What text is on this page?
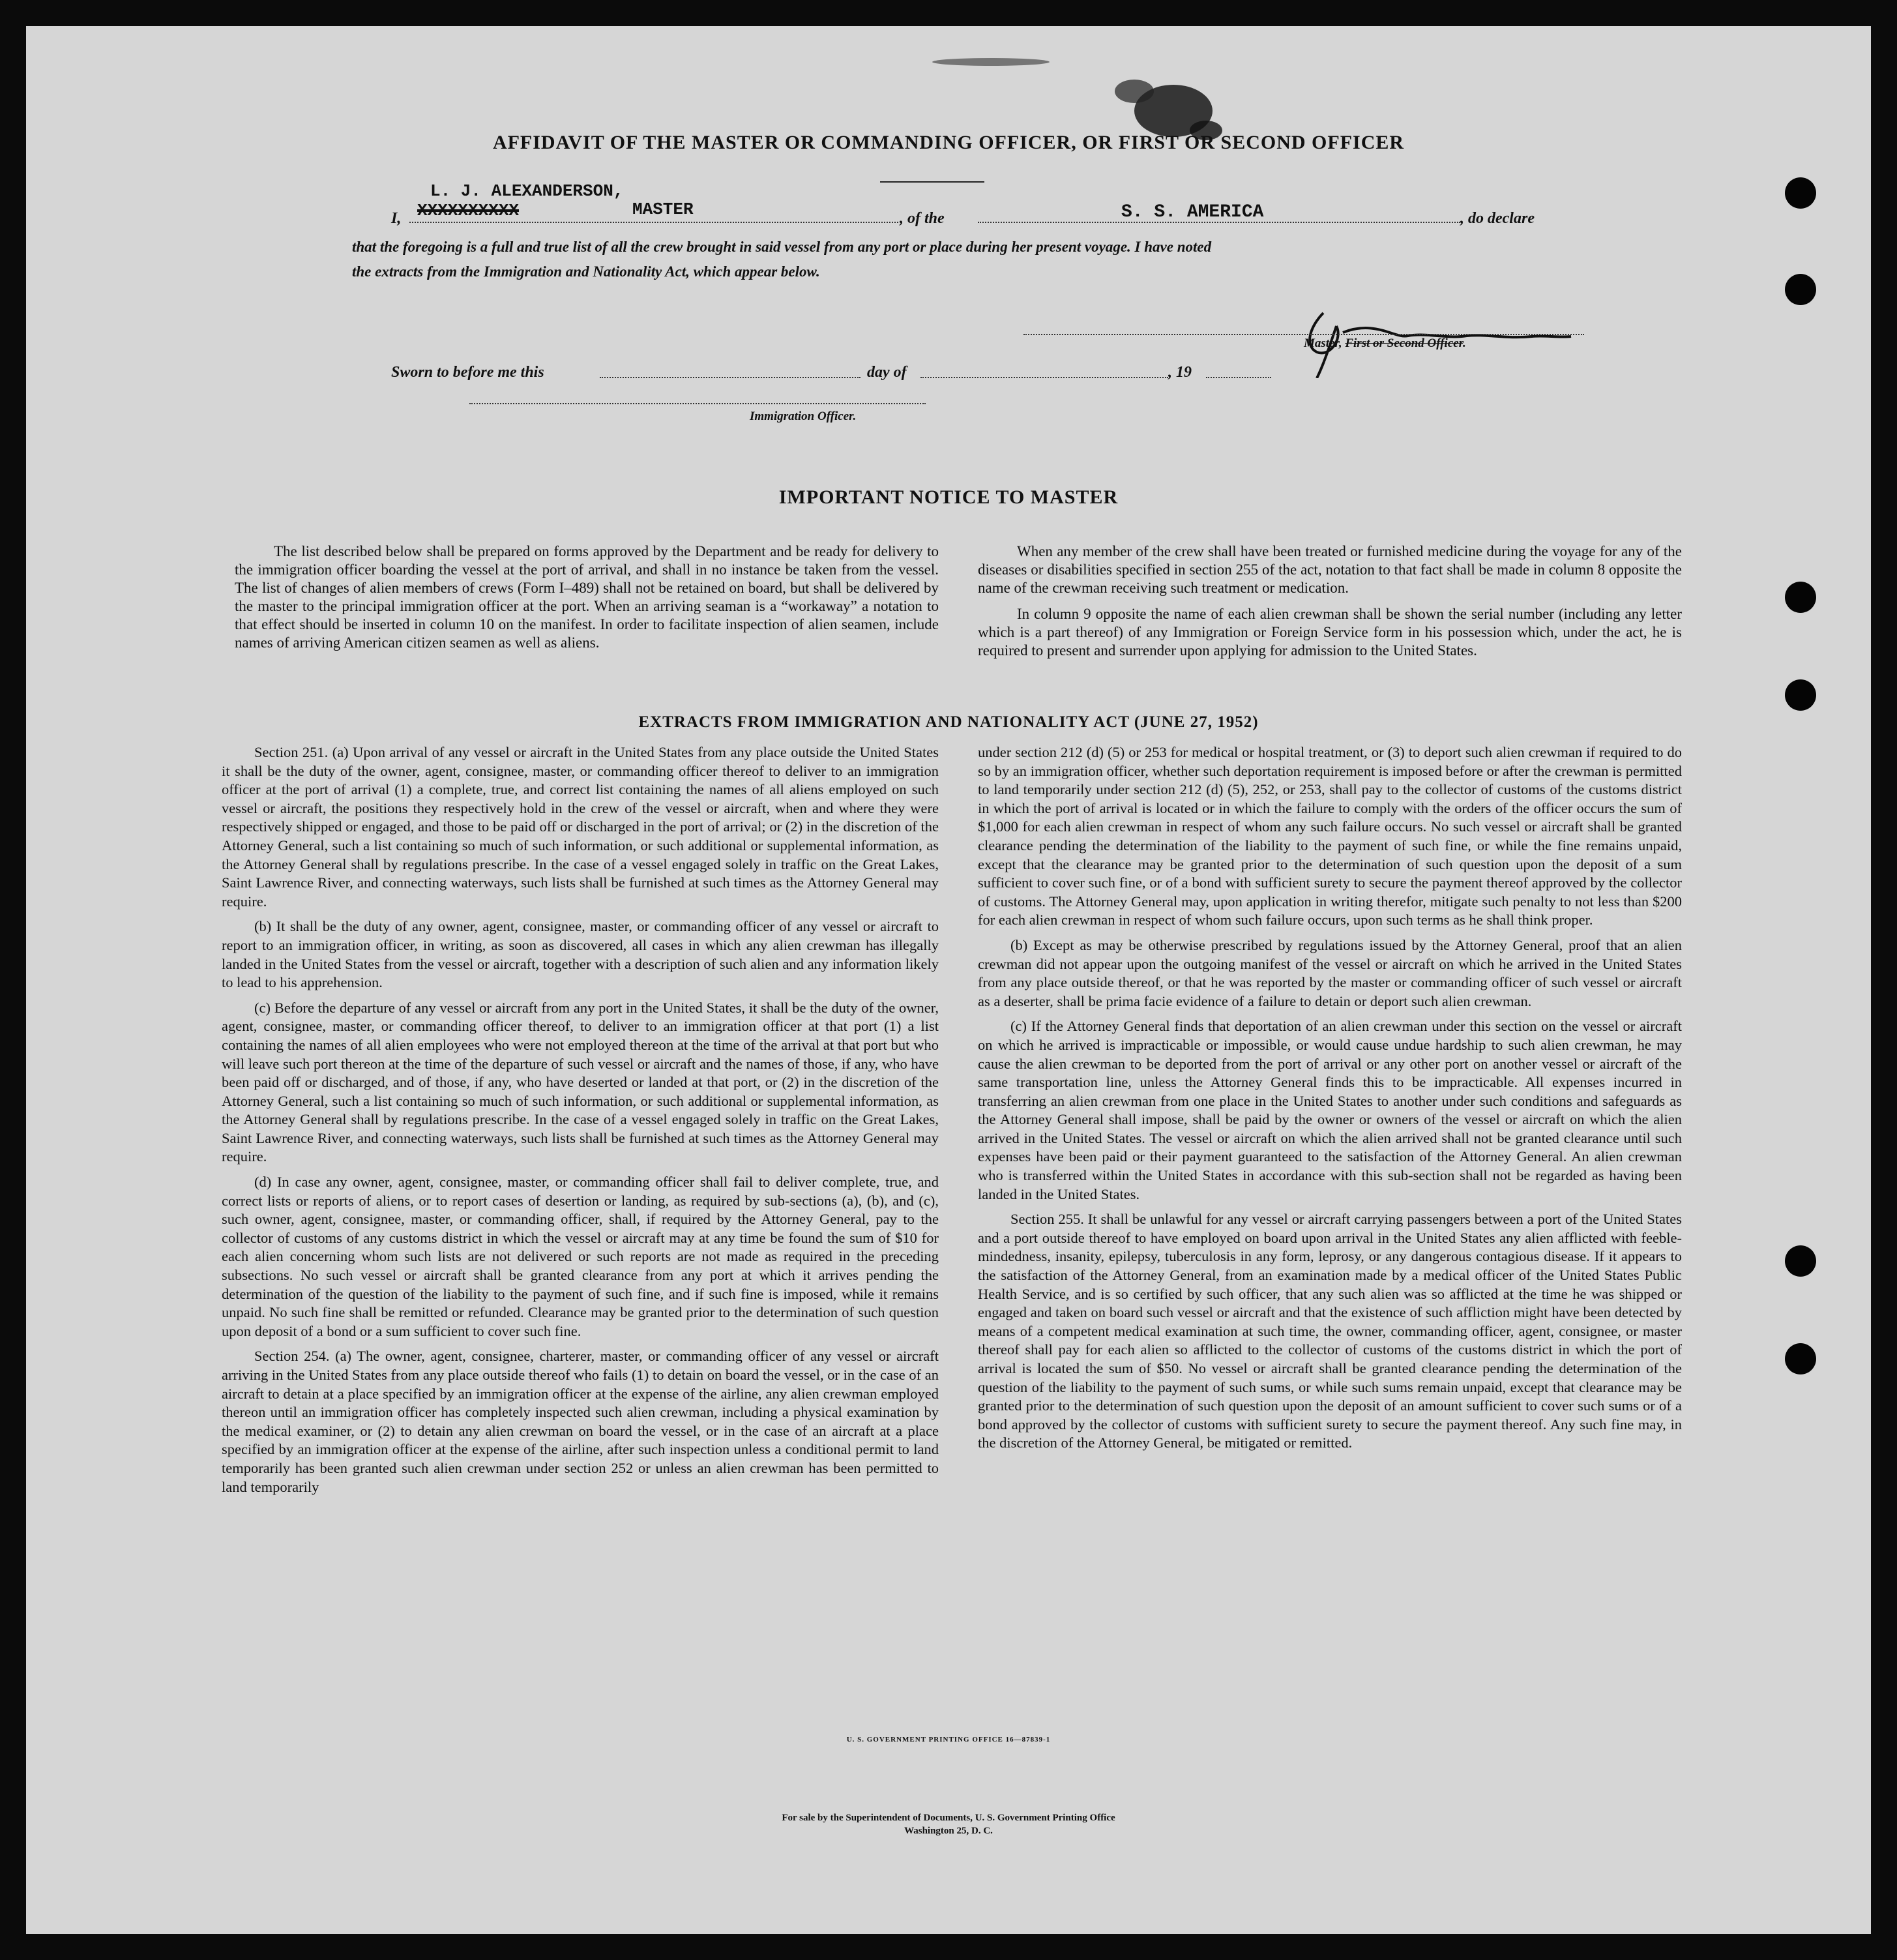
AFFIDAVIT OF THE MASTER OR COMMANDING OFFICER, OR FIRST OR SECOND OFFICER
L. J. ALEXANDERSON,
I, XXXXXXXXXX	MASTER	, of the	S. S. AMERICA	, do declare
that the foregoing is a full and true list of all the crew brought in said vessel from any port or place during her present voyage. I have noted
the extracts from the Immigration and Nationality Act, which appear below.
Master, First or Second Officer.
Sworn to before me this	day of	, 19
Immigration Officer.
IMPORTANT NOTICE TO MASTER

The list described below shall be prepared on forms approved by the Department and be ready for delivery to the immigration officer boarding the vessel at the port of arrival, and shall in no instance be taken from the vessel. The list of changes of alien members of crews (Form I–489) shall not be retained on board, but shall be delivered by the master to the principal immigration officer at the port. When an arriving seaman is a “workaway” a notation to that effect should be inserted in column 10 on the manifest. In order to facilitate inspection of alien seamen, include names of arriving American citizen seamen as well as aliens.

When any member of the crew shall have been treated or furnished medicine during the voyage for any of the diseases or disabilities specified in section 255 of the act, notation to that fact shall be made in column 8 opposite the name of the crewman receiving such treatment or medication.

In column 9 opposite the name of each alien crewman shall be shown the serial number (including any letter which is a part thereof) of any Immigration or Foreign Service form in his possession which, under the act, he is required to present and surrender upon applying for admission to the United States.

EXTRACTS FROM IMMIGRATION AND NATIONALITY ACT (JUNE 27, 1952)

Section 251. (a) Upon arrival of any vessel or aircraft in the United States from any place outside the United States it shall be the duty of the owner, agent, consignee, master, or commanding officer thereof to deliver to an immigration officer at the port of arrival (1) a complete, true, and correct list containing the names of all aliens employed on such vessel or aircraft, the positions they respectively hold in the crew of the vessel or aircraft, when and where they were respectively shipped or engaged, and those to be paid off or discharged in the port of arrival; or (2) in the discretion of the Attorney General, such a list containing so much of such information, or such additional or supplemental information, as the Attorney General shall by regulations prescribe. In the case of a vessel engaged solely in traffic on the Great Lakes, Saint Lawrence River, and connecting waterways, such lists shall be furnished at such times as the Attorney General may require.

(b) It shall be the duty of any owner, agent, consignee, master, or commanding officer of any vessel or aircraft to report to an immigration officer, in writing, as soon as discovered, all cases in which any alien crewman has illegally landed in the United States from the vessel or aircraft, together with a description of such alien and any information likely to lead to his apprehension.

(c) Before the departure of any vessel or aircraft from any port in the United States, it shall be the duty of the owner, agent, consignee, master, or commanding officer thereof, to deliver to an immigration officer at that port (1) a list containing the names of all alien employees who were not employed thereon at the time of the arrival at that port but who will leave such port thereon at the time of the departure of such vessel or aircraft and the names of those, if any, who have been paid off or discharged, and of those, if any, who have deserted or landed at that port, or (2) in the discretion of the Attorney General, such a list containing so much of such information, or such additional or supplemental information, as the Attorney General shall by regulations prescribe. In the case of a vessel engaged solely in traffic on the Great Lakes, Saint Lawrence River, and connecting waterways, such lists shall be furnished at such times as the Attorney General may require.

(d) In case any owner, agent, consignee, master, or commanding officer shall fail to deliver complete, true, and correct lists or reports of aliens, or to report cases of desertion or landing, as required by sub-sections (a), (b), and (c), such owner, agent, consignee, master, or commanding officer, shall, if required by the Attorney General, pay to the collector of customs of any customs district in which the vessel or aircraft may at any time be found the sum of $10 for each alien concerning whom such lists are not delivered or such reports are not made as required in the preceding subsections. No such vessel or aircraft shall be granted clearance from any port at which it arrives pending the determination of the question of the liability to the payment of such fine, and if such fine is imposed, while it remains unpaid. No such fine shall be remitted or refunded. Clearance may be granted prior to the determination of such question upon deposit of a bond or a sum sufficient to cover such fine.

Section 254. (a) The owner, agent, consignee, charterer, master, or commanding officer of any vessel or aircraft arriving in the United States from any place outside thereof who fails (1) to detain on board the vessel, or in the case of an aircraft to detain at a place specified by an immigration officer at the expense of the airline, any alien crewman employed thereon until an immigration officer has completely inspected such alien crewman, including a physical examination by the medical examiner, or (2) to detain any alien crewman on board the vessel, or in the case of an aircraft at a place specified by an immigration officer at the expense of the airline, after such inspection unless a conditional permit to land temporarily has been granted such alien crewman under section 252 or unless an alien crewman has been permitted to land temporarily

under section 212 (d) (5) or 253 for medical or hospital treatment, or (3) to deport such alien crewman if required to do so by an immigration officer, whether such deportation requirement is imposed before or after the crewman is permitted to land temporarily under section 212 (d) (5), 252, or 253, shall pay to the collector of customs of the customs district in which the port of arrival is located or in which the failure to comply with the orders of the officer occurs the sum of $1,000 for each alien crewman in respect of whom any such failure occurs. No such vessel or aircraft shall be granted clearance pending the determination of the liability to the payment of such fine, or while the fine remains unpaid, except that the clearance may be granted prior to the determination of such question upon the deposit of a sum sufficient to cover such fine, or of a bond with sufficient surety to secure the payment thereof approved by the collector of customs. The Attorney General may, upon application in writing therefor, mitigate such penalty to not less than $200 for each alien crewman in respect of whom such failure occurs, upon such terms as he shall think proper.

(b) Except as may be otherwise prescribed by regulations issued by the Attorney General, proof that an alien crewman did not appear upon the outgoing manifest of the vessel or aircraft on which he arrived in the United States from any place outside thereof, or that he was reported by the master or commanding officer of such vessel or aircraft as a deserter, shall be prima facie evidence of a failure to detain or deport such alien crewman.

(c) If the Attorney General finds that deportation of an alien crewman under this section on the vessel or aircraft on which he arrived is impracticable or impossible, or would cause undue hardship to such alien crewman, he may cause the alien crewman to be deported from the port of arrival or any other port on another vessel or aircraft of the same transportation line, unless the Attorney General finds this to be impracticable. All expenses incurred in transferring an alien crewman from one place in the United States to another under such conditions and safeguards as the Attorney General shall impose, shall be paid by the owner or owners of the vessel or aircraft on which the alien arrived in the United States. The vessel or aircraft on which the alien arrived shall not be granted clearance until such expenses have been paid or their payment guaranteed to the satisfaction of the Attorney General. An alien crewman who is transferred within the United States in accordance with this sub-section shall not be regarded as having been landed in the United States.

Section 255. It shall be unlawful for any vessel or aircraft carrying passengers between a port of the United States and a port outside thereof to have employed on board upon arrival in the United States any alien afflicted with feeble-mindedness, insanity, epilepsy, tuberculosis in any form, leprosy, or any dangerous contagious disease. If it appears to the satisfaction of the Attorney General, from an examination made by a medical officer of the United States Public Health Service, and is so certified by such officer, that any such alien was so afflicted at the time he was shipped or engaged and taken on board such vessel or aircraft and that the existence of such affliction might have been detected by means of a competent medical examination at such time, the owner, commanding officer, agent, consignee, or master thereof shall pay for each alien so afflicted to the collector of customs of the customs district in which the port of arrival is located the sum of $50. No vessel or aircraft shall be granted clearance pending the determination of the question of the liability to the payment of such sums, or while such sums remain unpaid, except that clearance may be granted prior to the determination of such question upon the deposit of an amount sufficient to cover such sums or of a bond approved by the collector of customs with sufficient surety to secure the payment thereof. Any such fine may, in the discretion of the Attorney General, be mitigated or remitted.

U. S. GOVERNMENT PRINTING OFFICE 16—87839-1
For sale by the Superintendent of Documents, U. S. Government Printing Office
Washington 25, D. C.
